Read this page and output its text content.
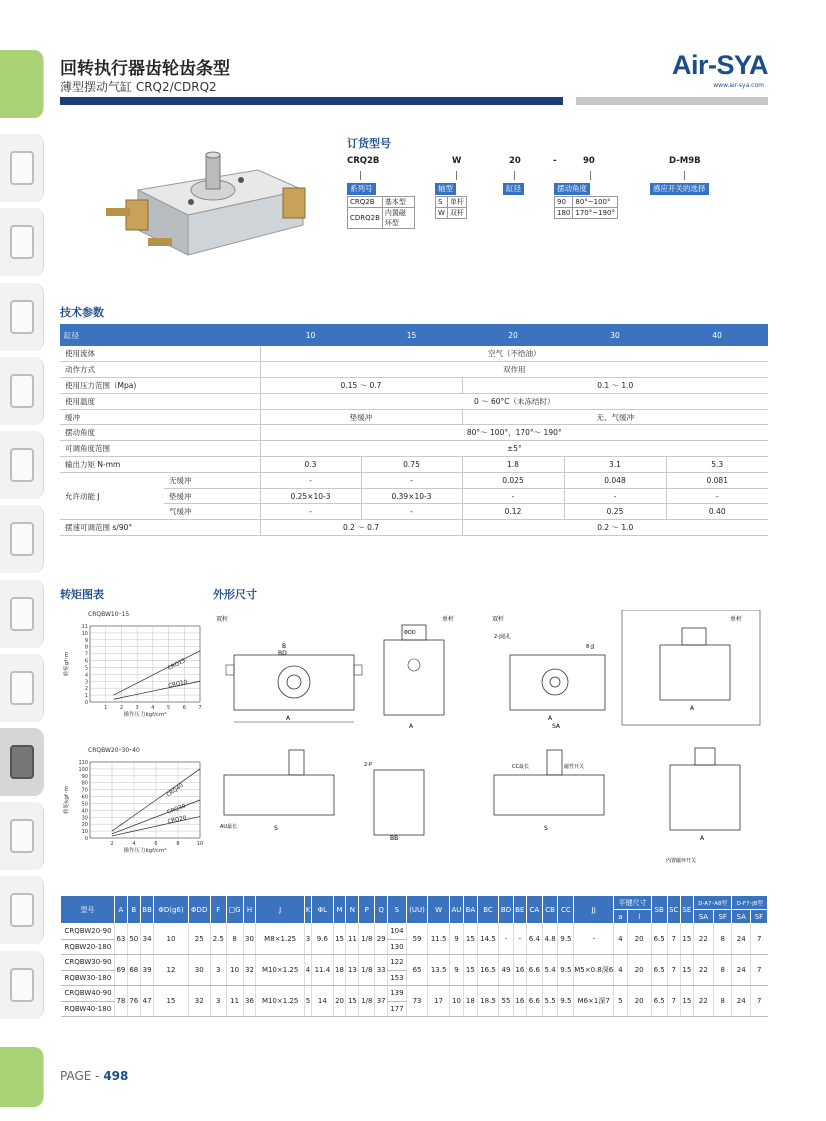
回转执行器齿轮齿条型
薄型摆动气缸 CRQ2/CDRQ2
Air-SYA
www.air-sya.com
订货型号
CRQ2B	W	20	-	90	D-M9B
系列号	轴型	缸径	摆动角度	感应开关的选择
CRQ2B	基本型
CDRQ2B	内置磁环型
S	单杆
W	双杆
90	80°~100°
180	170°~190°
技术参数
缸径		10	15	20	30	40
使用流体		空气（不给油）				
动作方式		双作用				
使用压力范围（Mpa)		0.15 ～ 0.7		0.1 ～ 1.0		
使用温度		0 ～ 60°C（未冻结时）				
缓冲		垫缓冲		无、气缓冲		
摆动角度		80°～ 100°，170°～ 190°				
可调角度范围		±5°				
输出力矩 N-mm		0.3	0.75	1.8	3.1	5.3
允许动能 J	无缓冲	-	-	0.025	0.048	0.081
	垫缓冲	0.25×10-3	0.39×10-3	-	-	-
	气缓冲	-	-	0.12	0.25	0.40
摆速可调范围 s/90°		0.2 ～ 0.7		0.2 ～ 1.0		
转矩图表	外形尺寸
CRQBW10･15
0
1
2
3
4
5
6
7
8
9
10
11
1	2	3	4	5	6	7
操作压力kgf/cm²
转矩gf･m	CRQ15
CRQ10
CRQBW20･30･40
0
10
20
30
40
50
60
70
80
90
100
110
2	4	6	8	10
操作压力kgf/cm²
转矩kgf･m	CRQ40
CRQ30
CRQ20
双杆	单杆
A
B
BD
A
ΦDD
双杆	单杆
2-J通孔
8-JJ
A
SA
A
AU最长	S
2-P
BB
CC最长	磁性开关
S
A
内置磁环开关
型号	A	B	BB	ΦD(g6)	ΦDD	F	□G	H	J	K	ΦL	M	N	P	Q	S	(UU)	W	AU	BA	BC	BD	BE	CA	CB	CC	JJ	平键尺寸		SB	SC	SE	D-A7･A8型		D-F7･J8型	
																												a	l				SA	SF	SA	SF
CRQBW20-90	63	50	34	10	25	2.5	8	30	M8×1.25	3	9.6	15	11	1/8	29	104	59	11.5	9	15	14.5	-	-	6.4	4.8	9.5	-	4	20	6.5	7	15	22	8	24	7
RQBW20-180																130																				
CRQBW30-90	69	68	39	12	30	3	10	32	M10×1.25	4	11.4	18	13	1/8	33	122	65	13.5	9	15	16.5	49	16	6.6	5.4	9.5	M5×0.8深6	4	20	6.5	7	15	22	8	24	7
RQBW30-180																153																				
CRQBW40-90	78	76	47	15	32	3	11	36	M10×1.25	5	14	20	15	1/8	37	139	73	17	10	18	18.5	55	16	6.6	5.5	9.5	M6×1深7	5	20	6.5	7	15	22	8	24	7
RQBW40-180																177																				
PAGE - 498
